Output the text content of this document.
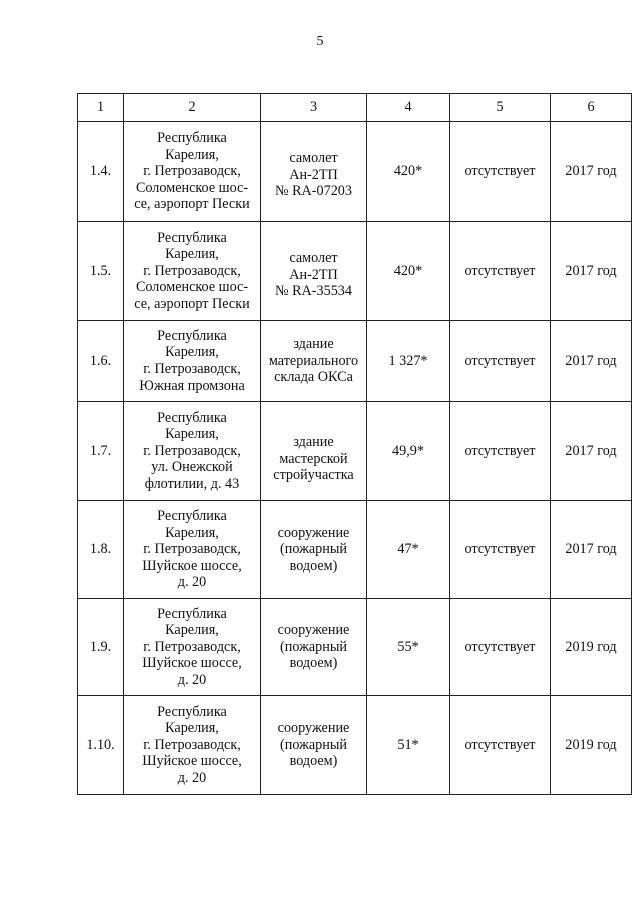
5
1	2	3	4	5	6
1.4.	Республика
Карелия,
г. Петрозаводск,
Соломенское шос-
се, аэропорт Пески	самолет
Ан-2ТП
№ RA-07203	420*	отсутствует	2017 год
1.5.	Республика
Карелия,
г. Петрозаводск,
Соломенское шос-
се, аэропорт Пески	самолет
Ан-2ТП
№ RA-35534	420*	отсутствует	2017 год
1.6.	Республика
Карелия,
г. Петрозаводск,
Южная промзона	здание
материального
склада ОКСа	1 327*	отсутствует	2017 год
1.7.	Республика
Карелия,
г. Петрозаводск,
ул. Онежской
флотилии, д. 43	здание
мастерской
стройучастка	49,9*	отсутствует	2017 год
1.8.	Республика
Карелия,
г. Петрозаводск,
Шуйское шоссе,
д. 20	сооружение
(пожарный
водоем)	47*	отсутствует	2017 год
1.9.	Республика
Карелия,
г. Петрозаводск,
Шуйское шоссе,
д. 20	сооружение
(пожарный
водоем)	55*	отсутствует	2019 год
1.10.	Республика
Карелия,
г. Петрозаводск,
Шуйское шоссе,
д. 20	сооружение
(пожарный
водоем)	51*	отсутствует	2019 год
